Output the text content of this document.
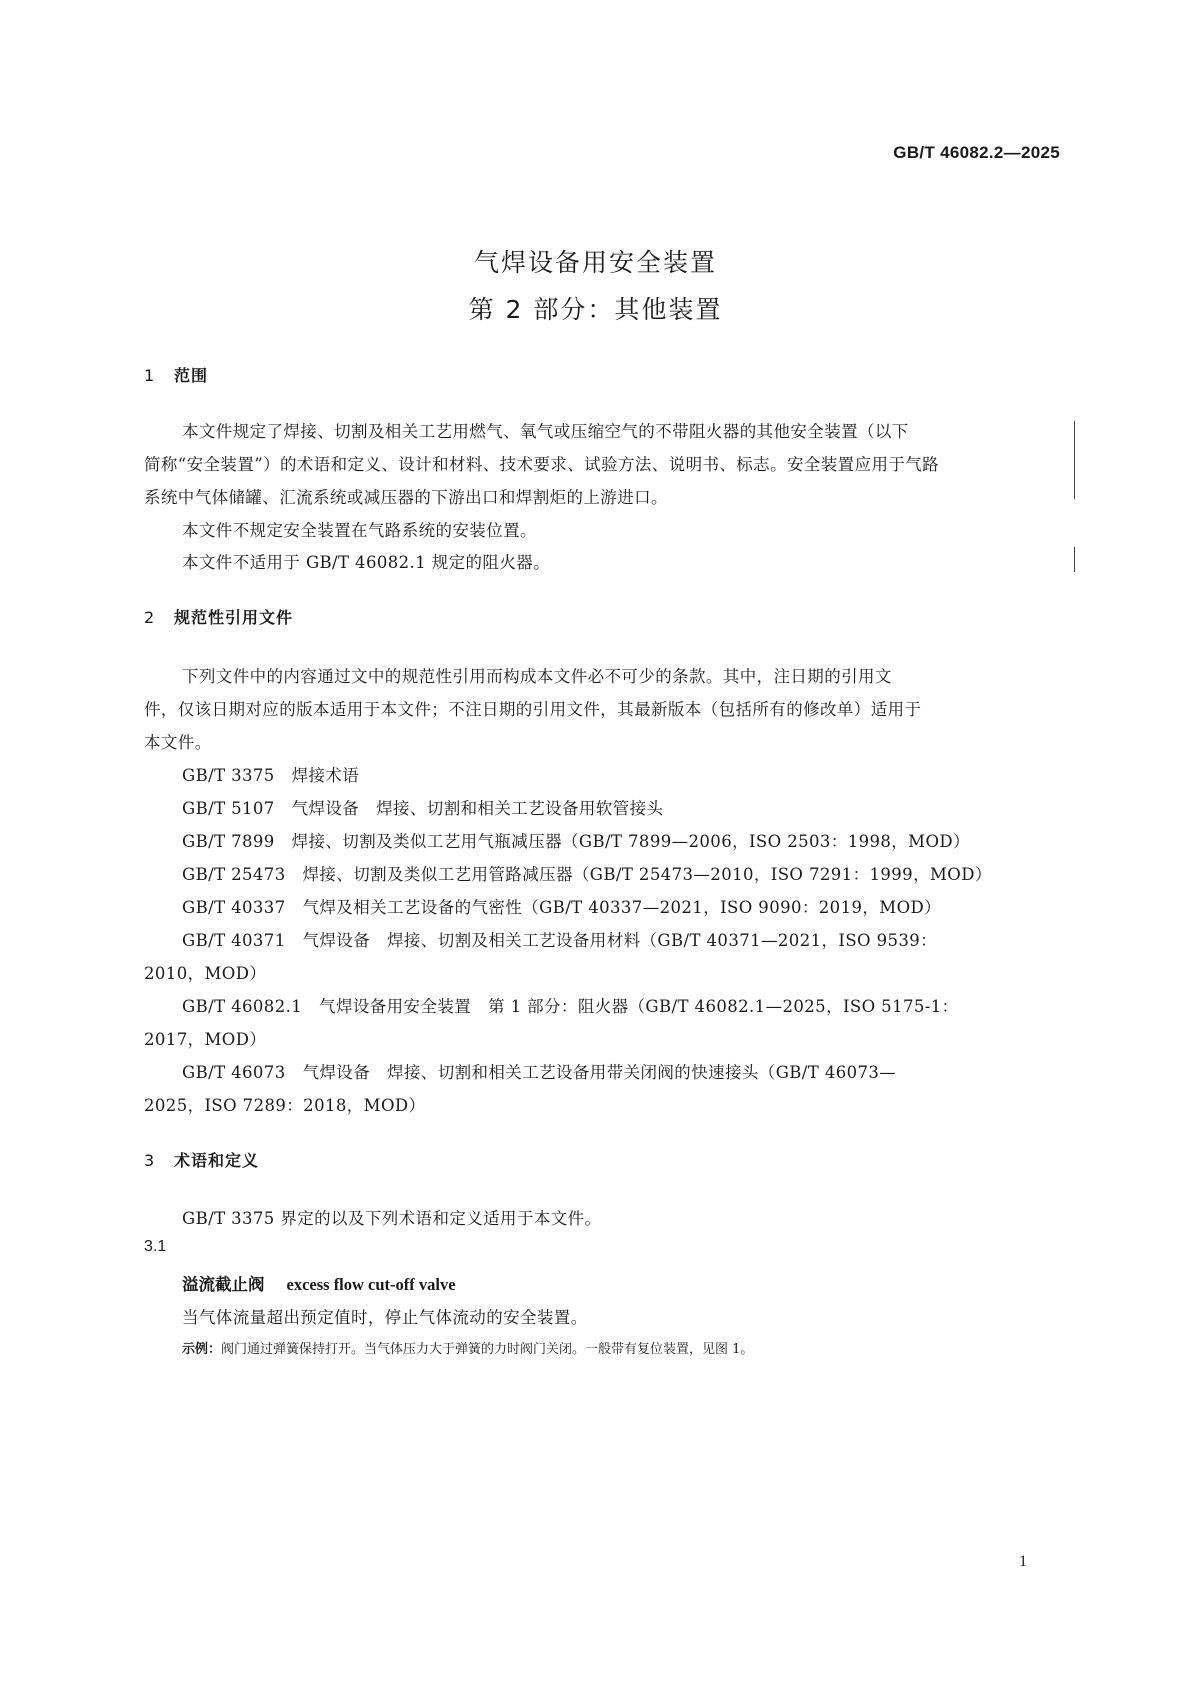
GB/T 46082.2—2025
气焊设备用安全装置
第 2 部分：其他装置
1 范围
本文件规定了焊接、切割及相关工艺用燃气、氧气或压缩空气的不带阻火器的其他安全装置（以下
简称“安全装置”）的术语和定义、设计和材料、技术要求、试验方法、说明书、标志。安全装置应用于气路
系统中气体储罐、汇流系统或减压器的下游出口和焊割炬的上游进口。
本文件不规定安全装置在气路系统的安装位置。
本文件不适用于 GB/T 46082.1 规定的阻火器。
2 规范性引用文件
下列文件中的内容通过文中的规范性引用而构成本文件必不可少的条款。其中，注日期的引用文
件，仅该日期对应的版本适用于本文件；不注日期的引用文件，其最新版本（包括所有的修改单）适用于
本文件。
GB/T 3375　焊接术语
GB/T 5107　气焊设备　焊接、切割和相关工艺设备用软管接头
GB/T 7899　焊接、切割及类似工艺用气瓶减压器（GB/T 7899—2006，ISO 2503：1998，MOD）
GB/T 25473　焊接、切割及类似工艺用管路减压器（GB/T 25473—2010，ISO 7291：1999，MOD）
GB/T 40337　气焊及相关工艺设备的气密性（GB/T 40337—2021，ISO 9090：2019，MOD）
GB/T 40371　气焊设备　焊接、切割及相关工艺设备用材料（GB/T 40371—2021，ISO 9539：
2010，MOD）
GB/T 46082.1　气焊设备用安全装置　第 1 部分：阻火器（GB/T 46082.1—2025，ISO 5175-1：
2017，MOD）
GB/T 46073　气焊设备　焊接、切割和相关工艺设备用带关闭阀的快速接头（GB/T 46073—
2025，ISO 7289：2018，MOD）
3 术语和定义
GB/T 3375 界定的以及下列术语和定义适用于本文件。
3.1
溢流截止阀 excess flow cut-off valve
当气体流量超出预定值时，停止气体流动的安全装置。
示例：阀门通过弹簧保持打开。当气体压力大于弹簧的力时阀门关闭。一般带有复位装置，见图 1。
1
